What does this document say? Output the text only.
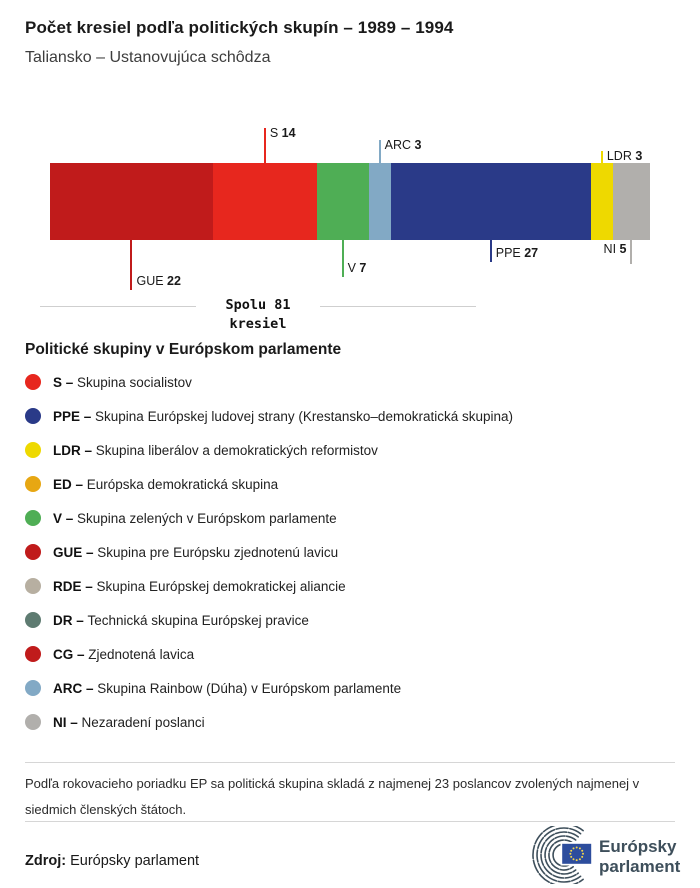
Počet kresiel podľa politických skupín – 1989 – 1994
Taliansko – Ustanovujúca schôdza
GUE 22
S 14
V 7
ARC 3
PPE 27
LDR 3
NI 5
Spolu 81
kresiel
Politické skupiny v Európskom parlamente
S – Skupina socialistov
PPE – Skupina Európskej ludovej strany (Krestansko–demokratická skupina)
LDR – Skupina liberálov a demokratických reformistov
ED – Európska demokratická skupina
V – Skupina zelených v Európskom parlamente
GUE – Skupina pre Európsku zjednotenú lavicu
RDE – Skupina Európskej demokratickej aliancie
DR – Technická skupina Európskej pravice
CG – Zjednotená lavica
ARC – Skupina Rainbow (Dúha) v Európskom parlamente
NI – Nezaradení poslanci
Podľa rokovacieho poriadku EP sa politická skupina skladá z najmenej 23 poslancov zvolených najmenej v siedmich členských štátoch.
Zdroj: Európsky parlament
Európsky
parlament
